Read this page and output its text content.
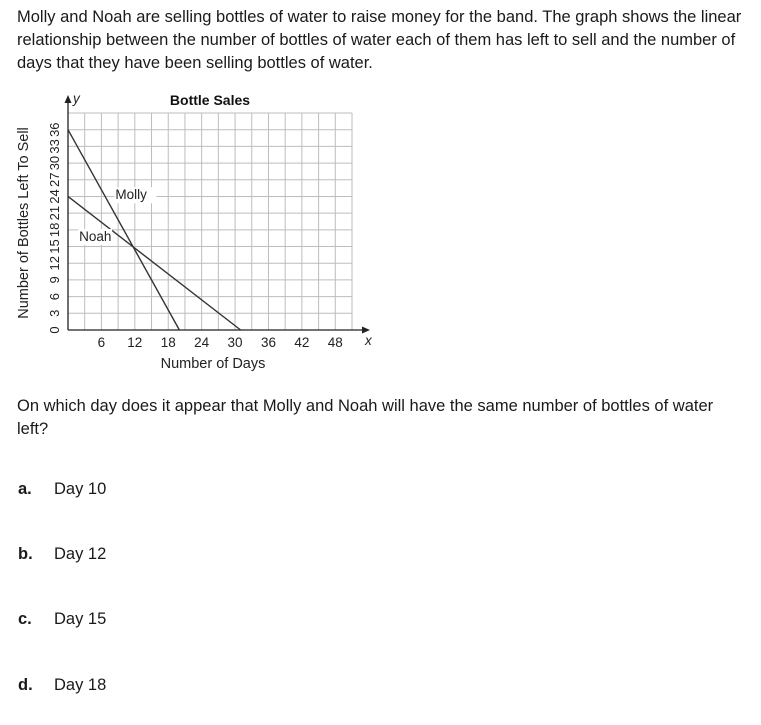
Molly and Noah are selling bottles of water to raise money for the band. The graph shows the linear relationship between the number of bottles of water each of them has left to sell and the number of days that they have been selling bottles of water.

6 12 18 24 30 36 42 48
0
3
6
9
12
15
18
21
24
27
30
33
36
Molly
Noah
Bottle Sales
y
x
Number of Days
Number of Bottles Left To Sell

On which day does it appear that Molly and Noah will have the same number of bottles of water left?

a. Day 10
b. Day 12
c. Day 15
d. Day 18
